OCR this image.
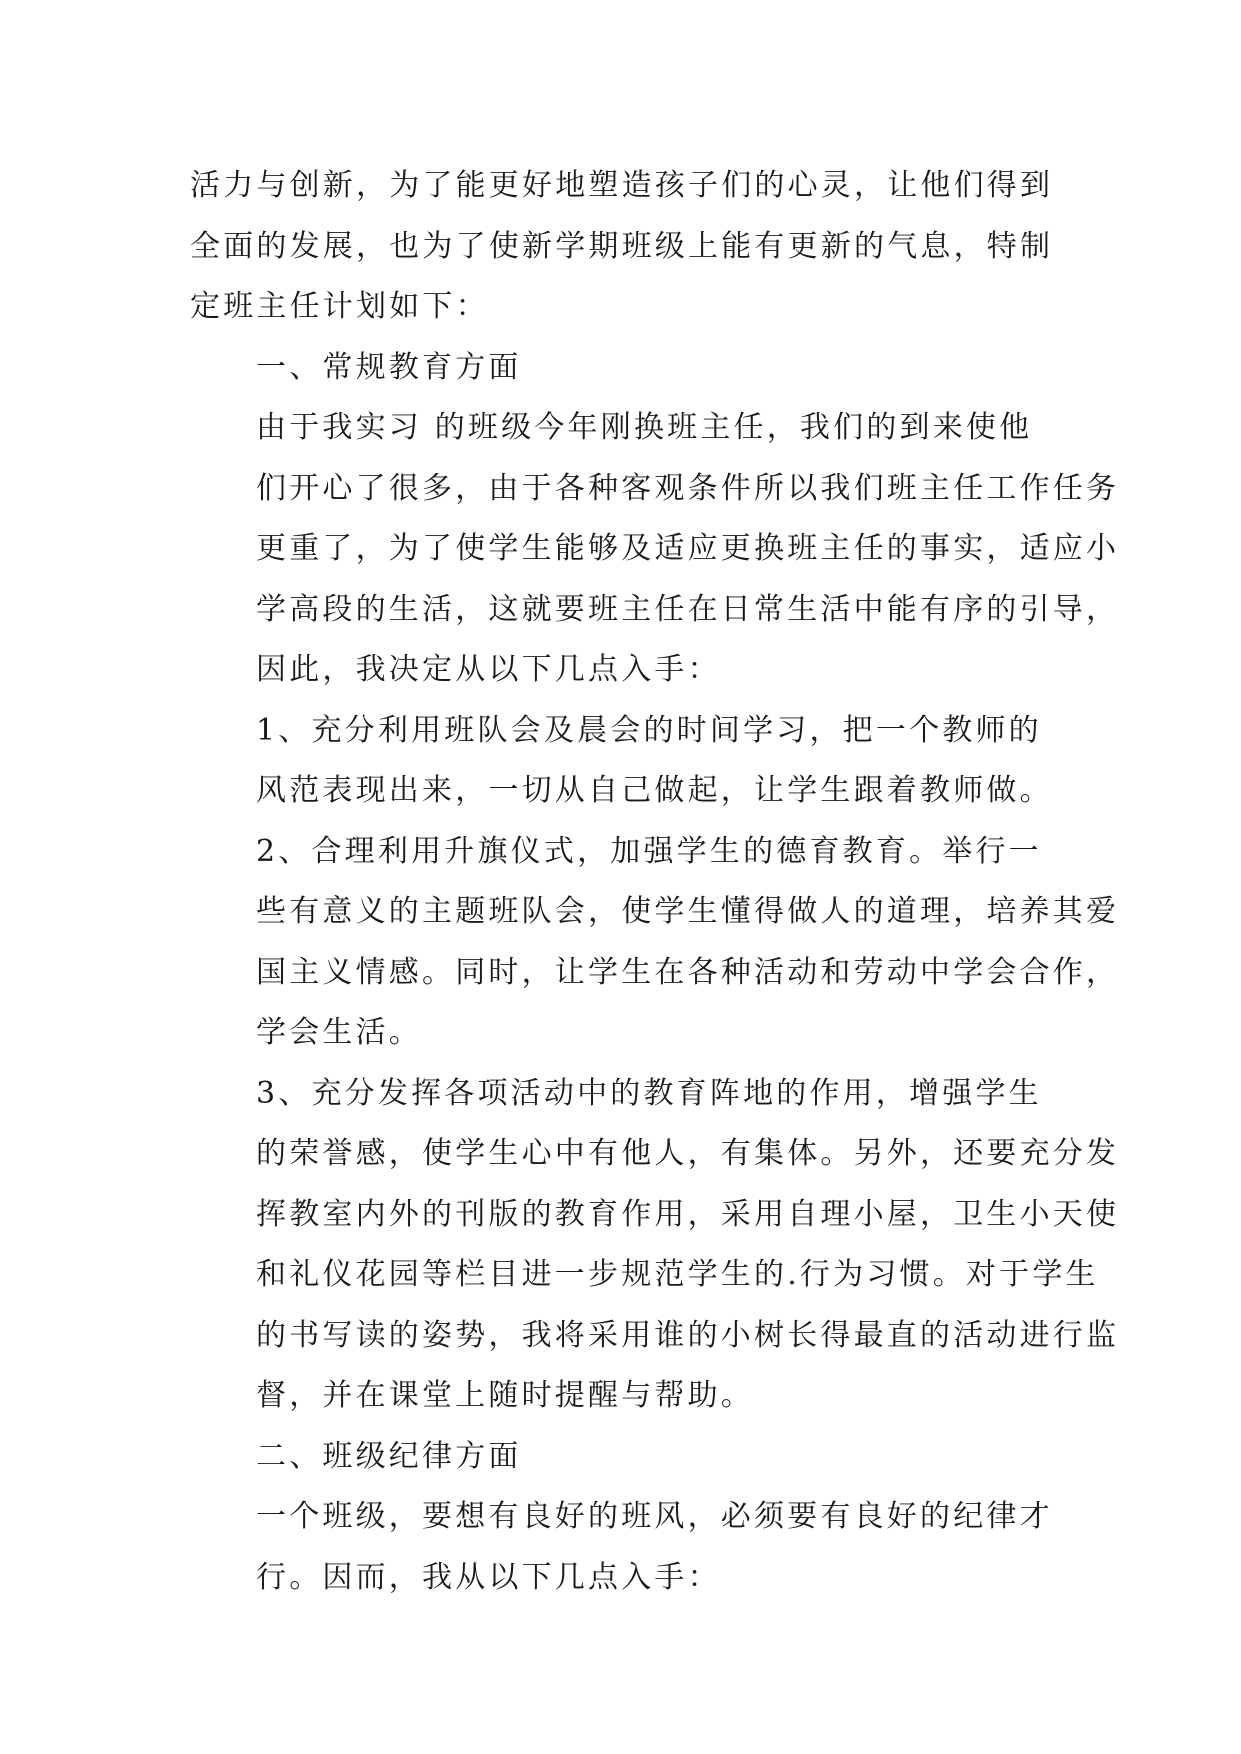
活力与创新，为了能更好地塑造孩子们的心灵，让他们得到
全面的发展，也为了使新学期班级上能有更新的气息，特制
定班主任计划如下：

一、常规教育方面

由于我实习 的班级今年刚换班主任，我们的到来使他
们开心了很多，由于各种客观条件所以我们班主任工作任务
更重了，为了使学生能够及适应更换班主任的事实，适应小
学高段的生活，这就要班主任在日常生活中能有序的引导，
因此，我决定从以下几点入手：

1、充分利用班队会及晨会的时间学习，把一个教师的
风范表现出来，一切从自己做起，让学生跟着教师做。

2、合理利用升旗仪式，加强学生的德育教育。举行一
些有意义的主题班队会，使学生懂得做人的道理，培养其爱
国主义情感。同时，让学生在各种活动和劳动中学会合作，
学会生活。

3、充分发挥各项活动中的教育阵地的作用，增强学生
的荣誉感，使学生心中有他人，有集体。另外，还要充分发
挥教室内外的刊版的教育作用，采用自理小屋，卫生小天使
和礼仪花园等栏目进一步规范学生的.行为习惯。对于学生
的书写读的姿势，我将采用谁的小树长得最直的活动进行监
督，并在课堂上随时提醒与帮助。

二、班级纪律方面

一个班级，要想有良好的班风，必须要有良好的纪律才
行。因而，我从以下几点入手：
